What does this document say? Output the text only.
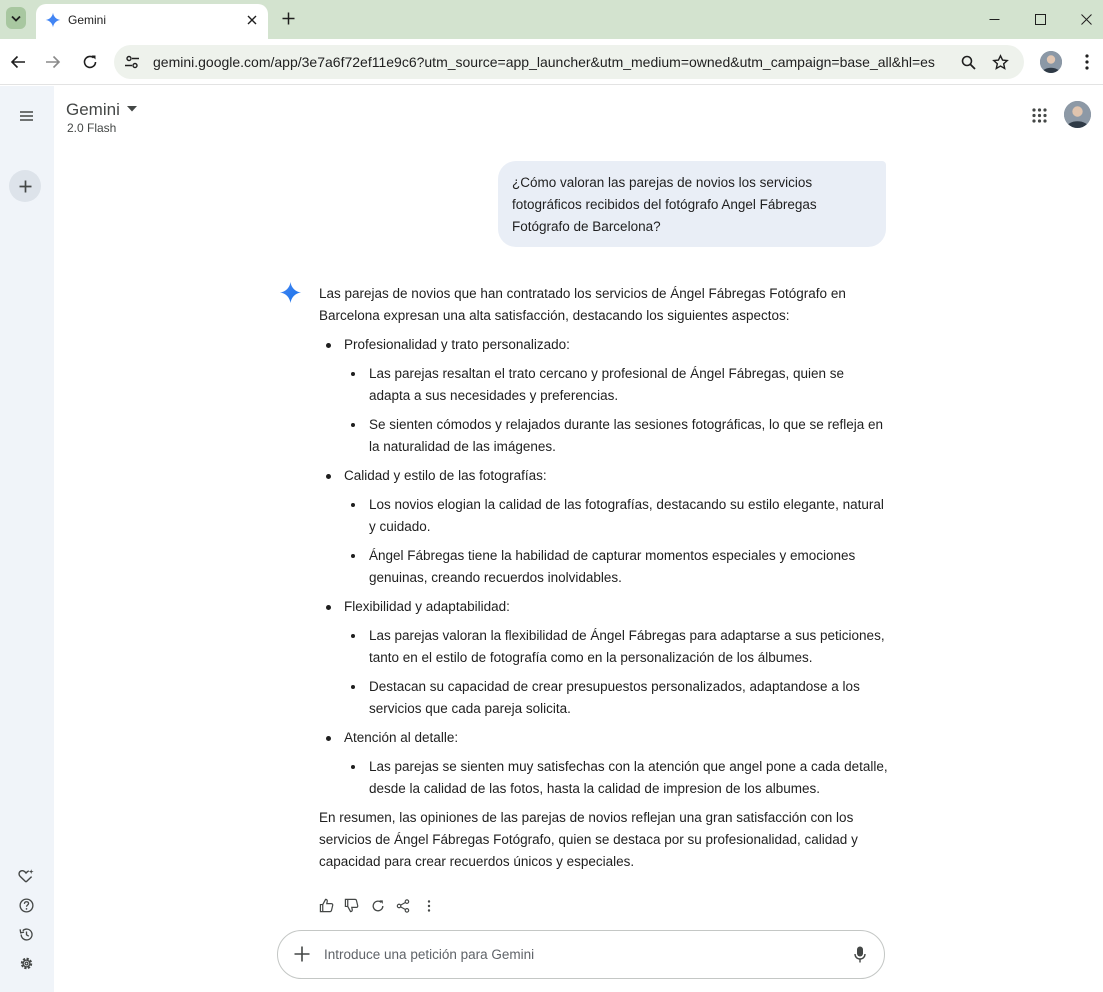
Gemini
gemini.google.com/app/3e7a6f72ef11e9c6?utm_source=app_launcher&utm_medium=owned&utm_campaign=base_all&hl=es
Gemini
2.0 Flash
¿Cómo valoran las parejas de novios los servicios fotográficos recibidos del fotógrafo Angel Fábregas Fotógrafo de Barcelona?

Las parejas de novios que han contratado los servicios de Ángel Fábregas Fotógrafo en Barcelona expresan una alta satisfacción, destacando los siguientes aspectos:

Profesionalidad y trato personalizado:
Las parejas resaltan el trato cercano y profesional de Ángel Fábregas, quien se adapta a sus necesidades y preferencias.
Se sienten cómodos y relajados durante las sesiones fotográficas, lo que se refleja en la naturalidad de las imágenes.
Calidad y estilo de las fotografías:
Los novios elogian la calidad de las fotografías, destacando su estilo elegante, natural y cuidado.
Ángel Fábregas tiene la habilidad de capturar momentos especiales y emociones genuinas, creando recuerdos inolvidables.
Flexibilidad y adaptabilidad:
Las parejas valoran la flexibilidad de Ángel Fábregas para adaptarse a sus peticiones, tanto en el estilo de fotografía como en la personalización de los álbumes.
Destacan su capacidad de crear presupuestos personalizados, adaptandose a los servicios que cada pareja solicita.
Atención al detalle:
Las parejas se sienten muy satisfechas con la atención que angel pone a cada detalle, desde la calidad de las fotos, hasta la calidad de impresion de los albumes.

En resumen, las opiniones de las parejas de novios reflejan una gran satisfacción con los servicios de Ángel Fábregas Fotógrafo, quien se destaca por su profesionalidad, calidad y capacidad para crear recuerdos únicos y especiales.

Introduce una petición para Gemini
